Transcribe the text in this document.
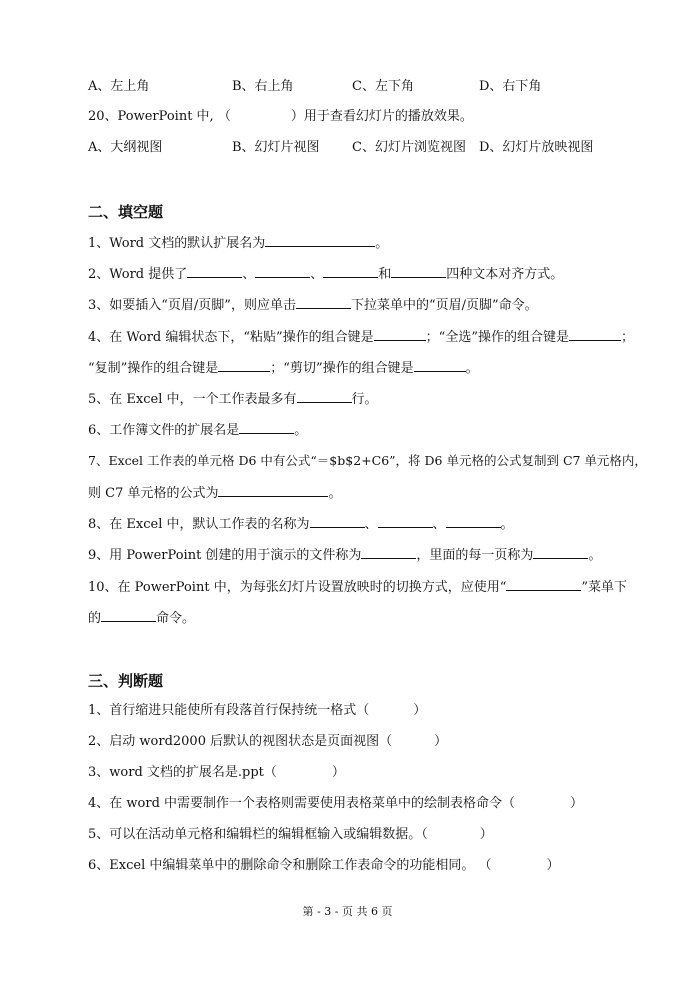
A、左上角	B、右上角	C、左下角	D、右下角
20、PowerPoint 中, （	）用于查看幻灯片的播放效果。
A、大纲视图	B、幻灯片视图 C、幻灯片浏览视图 D、幻灯片放映视图
二、填空题
1、Word 文档的默认扩展名为	。
2、Word 提供了	、	、	和	四种文本对齐方式。
3、如要插入“页眉/页脚”，则应单击	下拉菜单中的“页眉/页脚”命令。
4、在 Word 编辑状态下，“粘贴”操作的组合键是	；“全选”操作的组合键是	；
“复制”操作的组合键是	；“剪切”操作的组合键是	。
5、在 Excel 中，一个工作表最多有	行。
6、工作簿文件的扩展名是	。
7、Excel 工作表的单元格 D6 中有公式“＝$b$2+C6”，将 D6 单元格的公式复制到 C7 单元格内，
则 C7 单元格的公式为	。
8、在 Excel 中，默认工作表的名称为	、	、	。
9、用 PowerPoint 创建的用于演示的文件称为	，里面的每一页称为	。
10、在 PowerPoint 中，为每张幻灯片设置放映时的切换方式，应使用“	”菜单下
的	命令。
三、判断题
1、首行缩进只能使所有段落首行保持统一格式（	）
2、启动 word2000 后默认的视图状态是页面视图（	）
3、word 文档的扩展名是.ppt（	）
4、在 word 中需要制作一个表格则需要使用表格菜单中的绘制表格命令（	）
5、可以在活动单元格和编辑栏的编辑框输入或编辑数据。（	）
6、Excel 中编辑菜单中的删除命令和删除工作表命令的功能相同。 （	）
第 - 3 - 页 共 6 页
